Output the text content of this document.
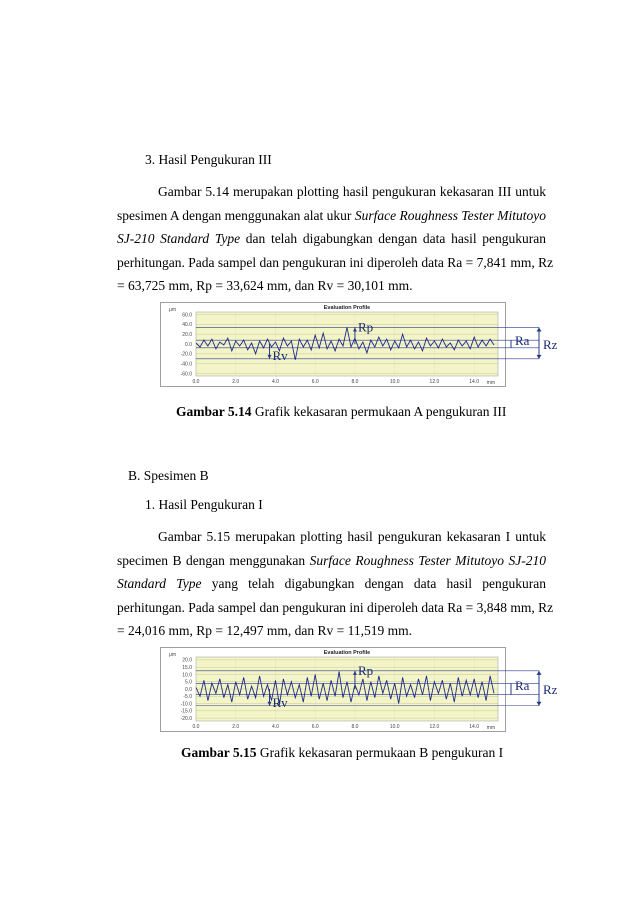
3. Hasil Pengukuran III
Gambar 5.14 merupakan plotting hasil pengukuran kekasaran III untuk
spesimen A dengan menggunakan alat ukur Surface Roughness Tester Mitutoyo
SJ-210 Standard Type dan telah digabungkan dengan data hasil pengukuran
perhitungan. Pada sampel dan pengukuran ini diperoleh data Ra = 7,841 mm, Rz
= 63,725 mm, Rp = 33,624 mm, dan Rv = 30,101 mm.
Evaluation Profile
μm
mm
60.0
40.0
20.0
0.0
-20.0
-40.0
-60.0
0.0	2.0	4.0	6.0	8.0	10.0	12.0	14.0
Rp
Rv
Ra Rz
Gambar 5.14 Grafik kekasaran permukaan A pengukuran III
B. Spesimen B
1. Hasil Pengukuran I
Gambar 5.15 merupakan plotting hasil pengukuran kekasaran I untuk
specimen B dengan menggunakan Surface Roughness Tester Mitutoyo SJ-210
Standard Type yang telah digabungkan dengan data hasil pengukuran
perhitungan. Pada sampel dan pengukuran ini diperoleh data Ra = 3,848 mm, Rz
= 24,016 mm, Rp = 12,497 mm, dan Rv = 11,519 mm.
Evaluation Profile
μm
mm
20.0
15.0
10.0
5.0
0.0
-5.0
-10.0
-15.0
-20.0
0.0	2.0	4.0	6.0	8.0	10.0	12.0	14.0
Rp
Rv
Ra Rz
Gambar 5.15 Grafik kekasaran permukaan B pengukuran I
